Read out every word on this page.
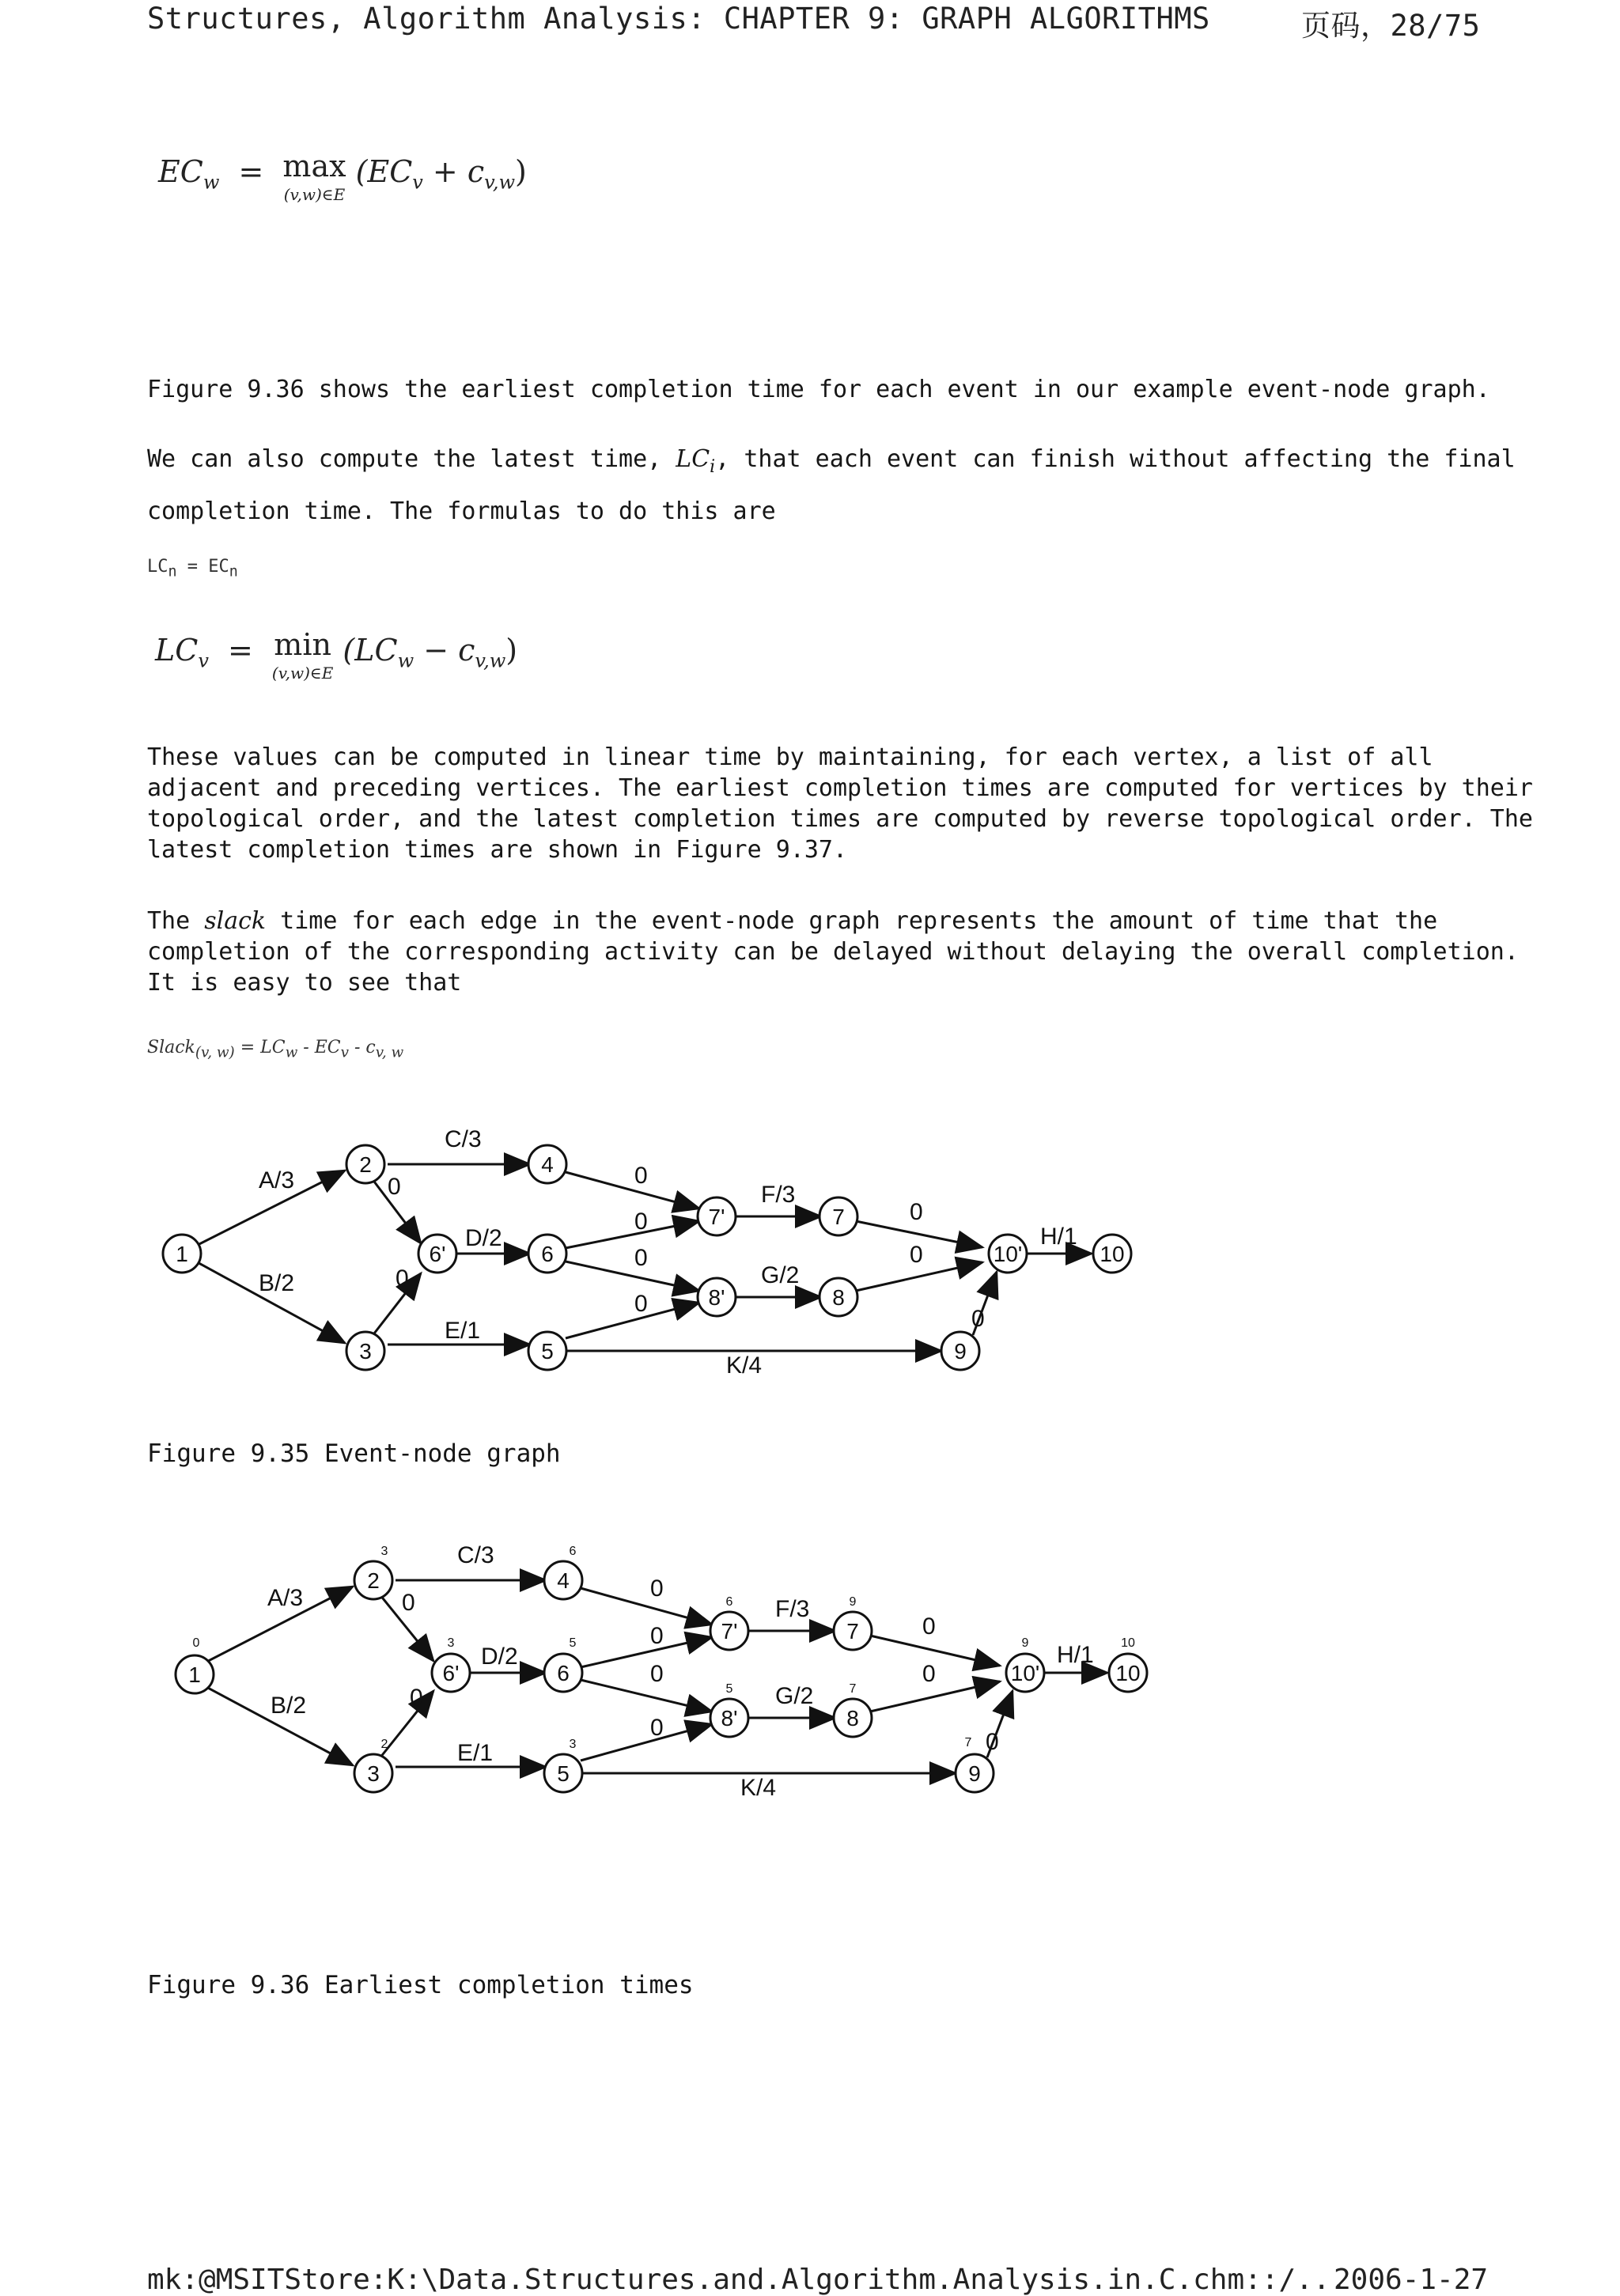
Structures, Algorithm Analysis: CHAPTER 9: GRAPH ALGORITHMS	页码，28/75
$EC_w = \max$
(v,w)∈E $(EC_v + c_{v,w})$

Figure 9.36 shows the earliest completion time for each event in our example event-node graph.

We can also compute the latest time, $LC_i$, that each event can finish without affecting the final

completion time. The formulas to do this are

$LC_n = EC_n$
$LC_v = \min$
(v,w)∈E $(LC_w - c_{v,w})$

These values can be computed in linear time by maintaining, for each vertex, a list of all

adjacent and preceding vertices. The earliest completion times are computed for vertices by their

topological order, and the latest completion times are computed by reverse topological order. The

latest completion times are shown in Figure 9.37.

The slack time for each edge in the event-node graph represents the amount of time that the

completion of the corresponding activity can be delayed without delaying the overall completion.

It is easy to see that

Slack$_{(v, w)}$ = $LC_w - EC_v - c_{v, w}$
1
2
3
6'
4
6
5
7'	7
8'	8
9
10'	10
A/3
B/2
C/3
D/2
E/1
F/3
G/2
H/1
K/4
0
0
0
0
0
0
0
0
0
Figure 9.35 Event-node graph
1
2
3
6'
4
6
5
7'	7
8'	8
9
10'	10
0
3
2
3
6
5
3
6	9
5	7
7
9	10
A/3
B/2
C/3
D/2
E/1
F/3
G/2
H/1
K/4
0
0
0
0
0
0
0
0
0
Figure 9.36 Earliest completion times
mk:@MSITStore:K:\Data.Structures.and.Algorithm.Analysis.in.C.chm::/...
2006-1-27
